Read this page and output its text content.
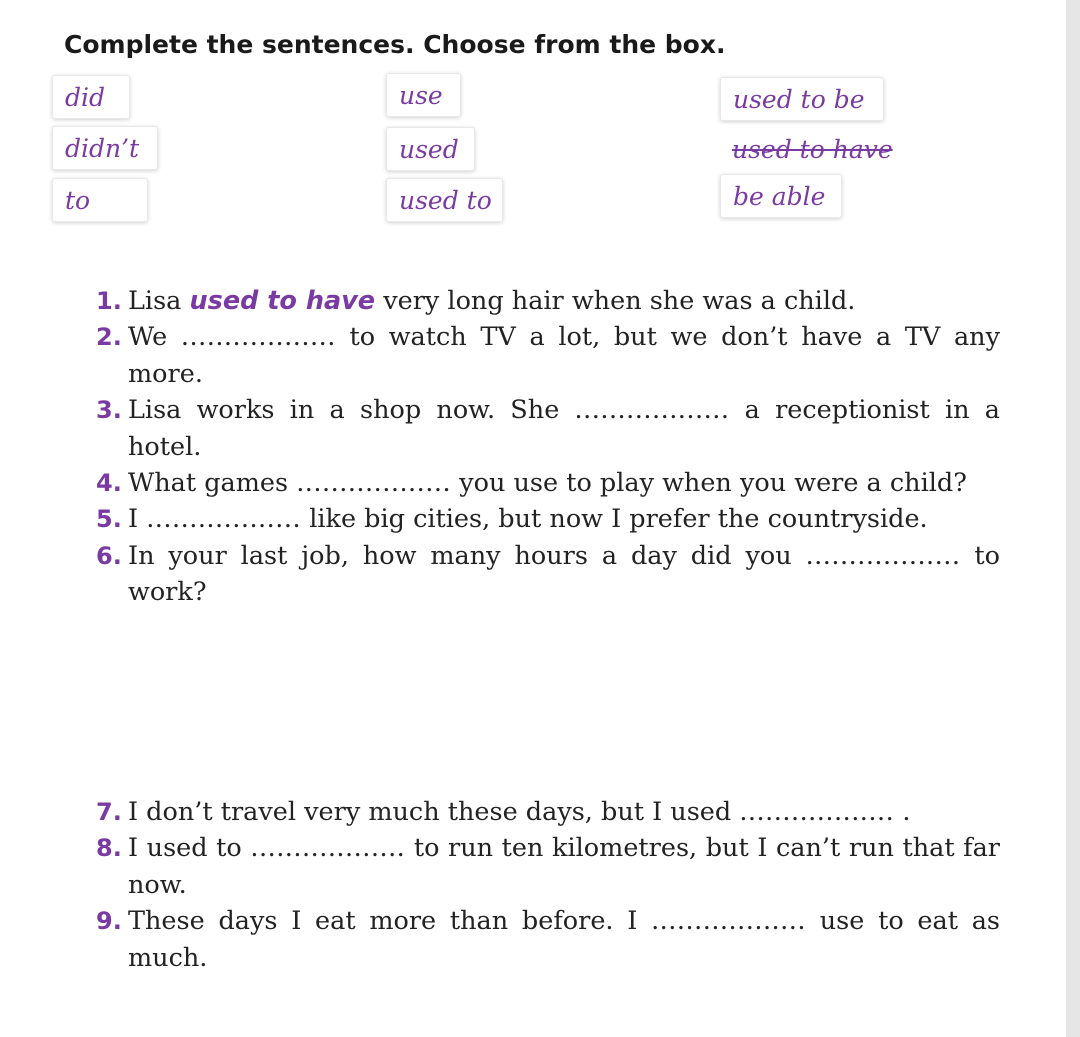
Complete the sentences. Choose from the box.
did	use	used to be
didn’t	used	used to have
to	used to	be able
1. Lisa used to have very long hair when she was a child.
2. We .................. to watch TV a lot, but we don’t have a TV any more.
3. Lisa works in a shop now. She .................. a receptionist in a hotel.
4. What games .................. you use to play when you were a child?
5. I .................. like big cities, but now I prefer the countryside.
6. In your last job, how many hours a day did you .................. to work?
7. I don’t travel very much these days, but I used .................. .
8. I used to .................. to run ten kilometres, but I can’t run that far now.
9. These days I eat more than before. I .................. use to eat as much.
